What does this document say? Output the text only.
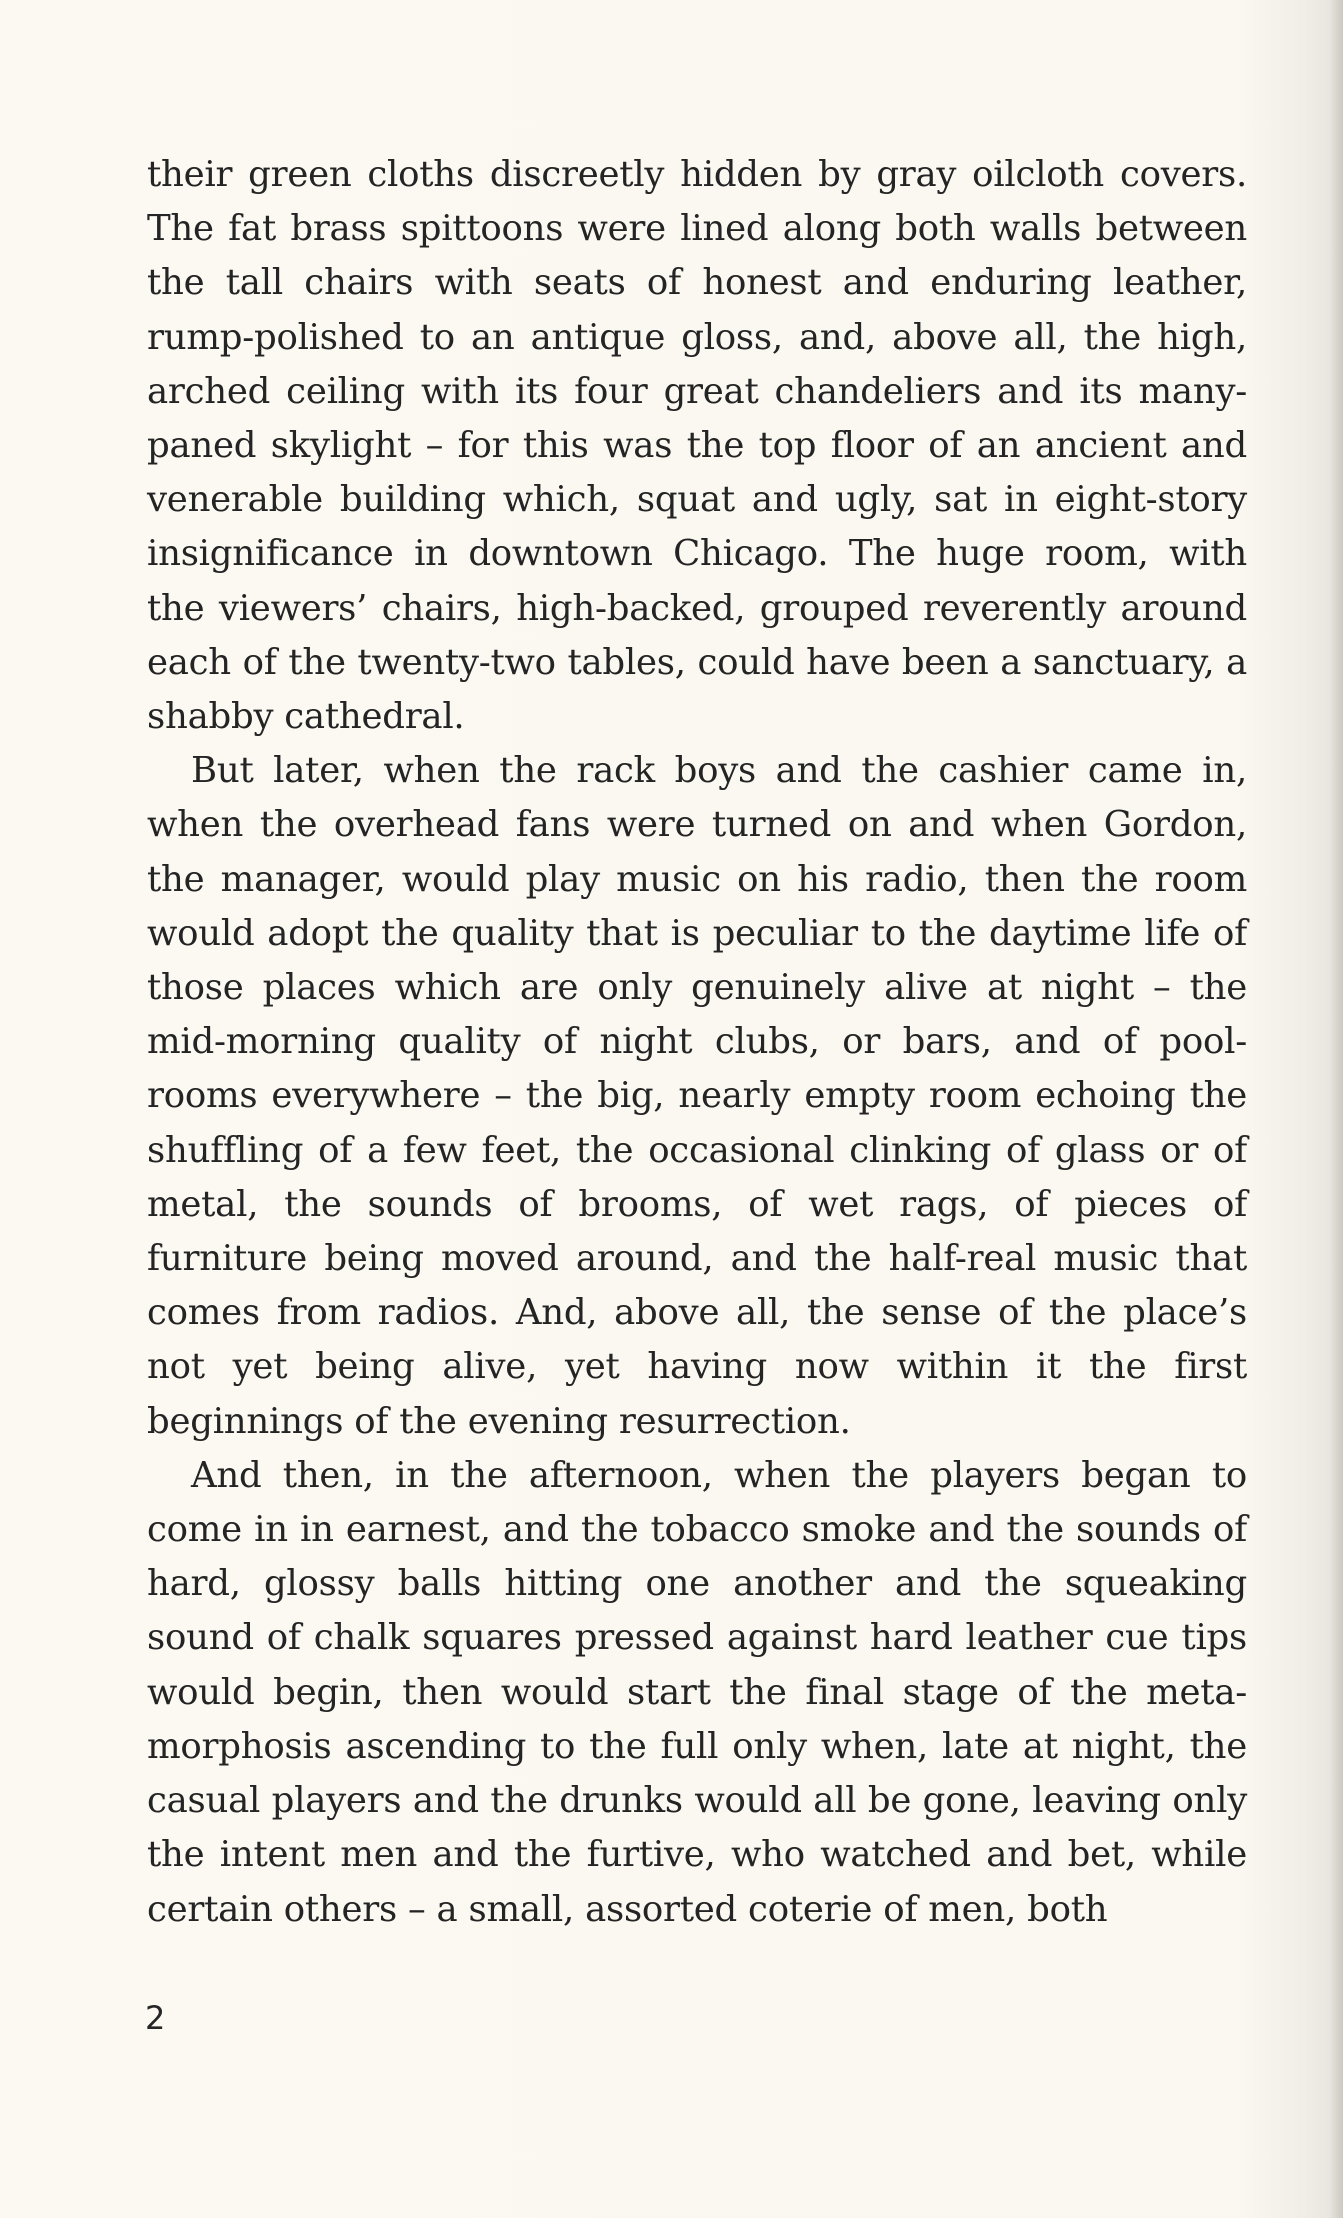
their green cloths discreetly hidden by gray oilcloth covers. The fat brass spittoons were lined along both walls between the tall chairs with seats of honest and enduring leather, rump-polished to an antique gloss, and, above all, the high, arched ceiling with its four great chandeliers and its many-paned skylight – for this was the top floor of an ancient and venerable building which, squat and ugly, sat in eight-story insignificance in downtown Chicago. The huge room, with the viewers’ chairs, high-backed, grouped reverently around each of the twenty-two tables, could have been a sanctuary, a shabby cathedral.

But later, when the rack boys and the cashier came in, when the overhead fans were turned on and when Gordon, the manager, would play music on his radio, then the room would adopt the quality that is peculiar to the daytime life of those places which are only genuinely alive at night – the mid-morning quality of night clubs, or bars, and of pool-rooms everywhere – the big, nearly empty room echoing the shuffling of a few feet, the occasional clinking of glass or of metal, the sounds of brooms, of wet rags, of pieces of furniture being moved around, and the half-real music that comes from radios. And, above all, the sense of the place’s not yet being alive, yet having now within it the first beginnings of the evening resurrection.

And then, in the afternoon, when the players began to come in in earnest, and the tobacco smoke and the sounds of hard, glossy balls hitting one another and the squeaking sound of chalk squares pressed against hard leather cue tips would begin, then would start the final stage of the meta-morphosis ascending to the full only when, late at night, the casual players and the drunks would all be gone, leaving only the intent men and the furtive, who watched and bet, while certain others – a small, assorted coterie of men, both

2
